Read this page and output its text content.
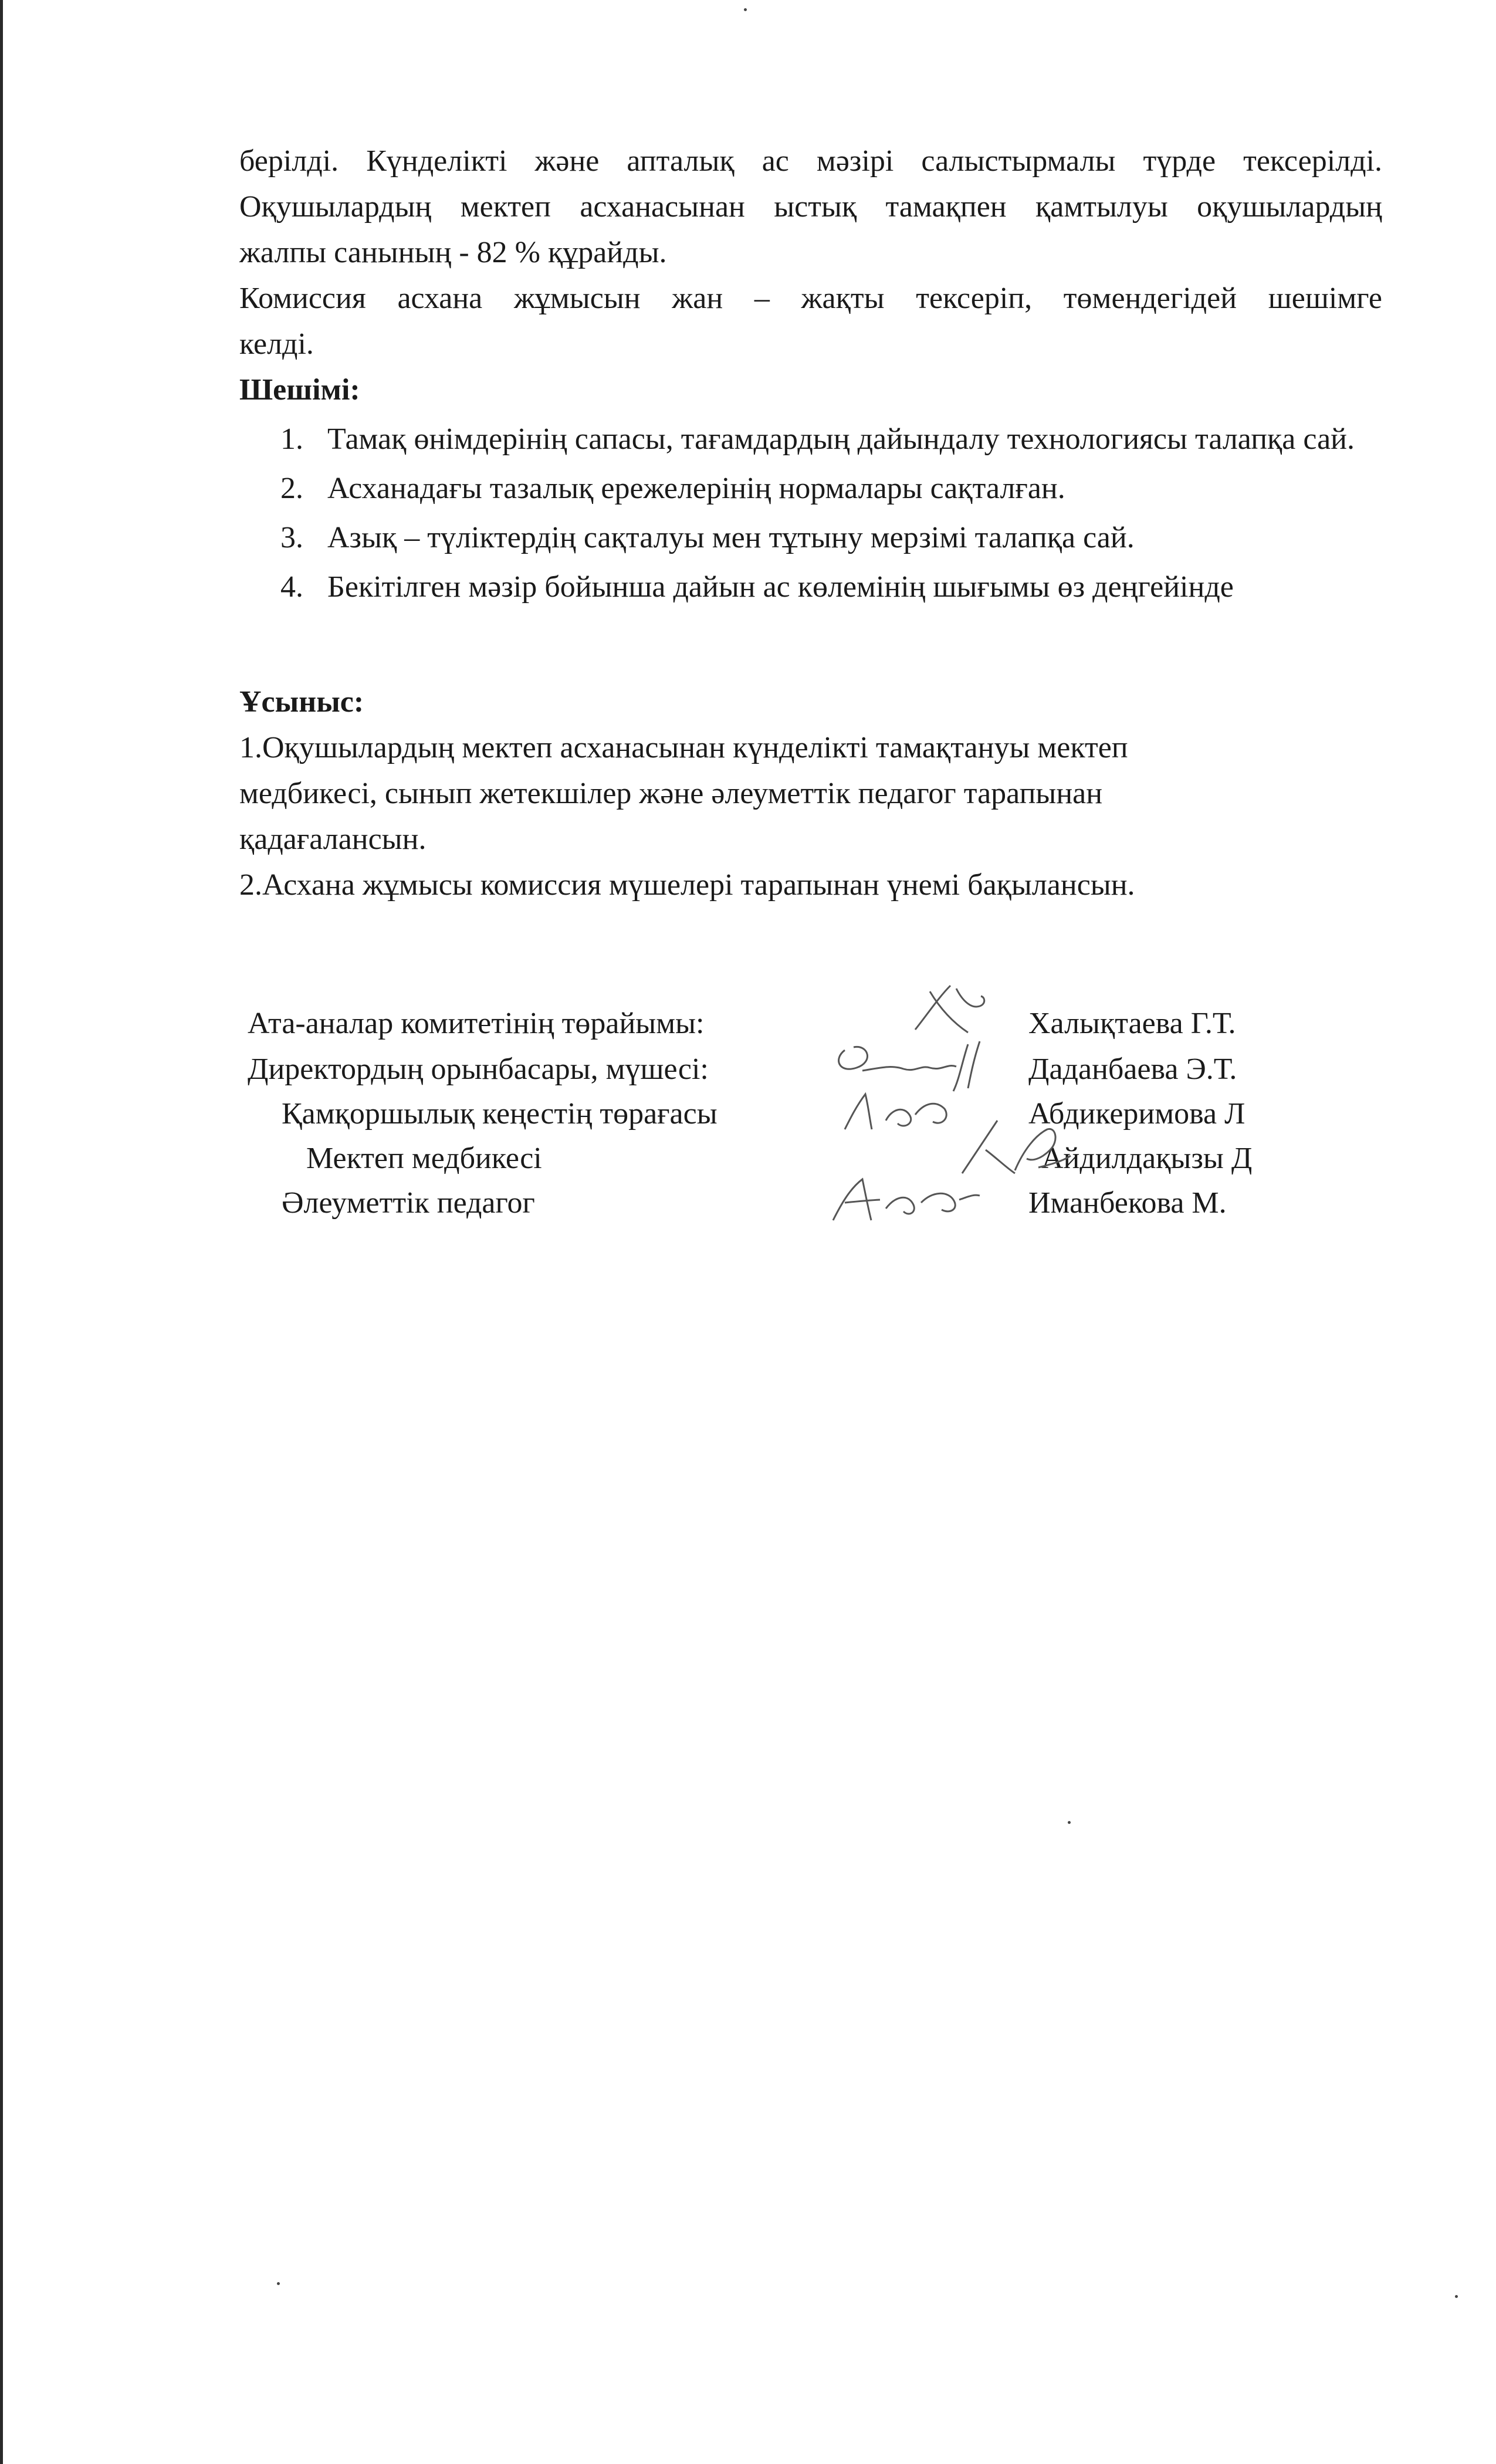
берілді. Күнделікті және апталық ас мәзірі салыстырмалы түрде тексерілді.

Оқушылардың мектеп асханасынан ыстық тамақпен қамтылуы оқушылардың

жалпы санының - 82 % құрайды.

Комиссия асхана жұмысын жан – жақты тексеріп, төмендегідей шешімге

келді.

Шешімі:

1. Тамақ өнімдерінің сапасы, тағамдардың дайындалу технологиясы талапқа сай.
2. Асханадағы тазалық ережелерінің нормалары сақталған.
3. Азық – түліктердің сақталуы мен тұтыну мерзімі талапқа сай.
4. Бекітілген мәзір бойынша дайын ас көлемінің шығымы өз деңгейінде

Ұсыныс:

1.Оқушылардың мектеп асханасынан күнделікті тамақтануы мектеп

медбикесі, сынып жетекшілер және әлеуметтік педагог тарапынан

қадағалансын.

2.Асхана жұмысы комиссия мүшелері тарапынан үнемі бақылансын.

Ата-аналар комитетінің төрайымы:	Халықтаева Г.Т.
Директордың орынбасары, мүшесі:	Даданбаева Э.Т.
Қамқоршылық кеңестің төрағасы	Абдикеримова Л
Мектеп медбикесі	Айдилдақызы Д
Әлеуметтік педагог	Иманбекова М.
